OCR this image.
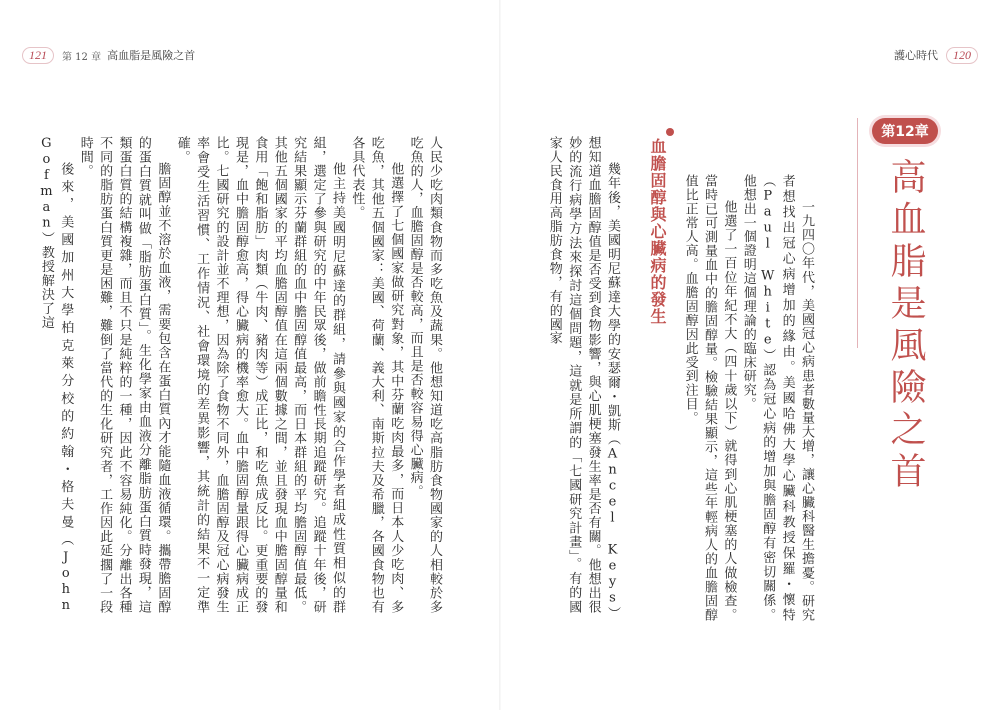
121	第 12 章 高血脂是風險之首	護心時代	120
第12章
高血脂是風險之首

一九四〇年代，美國冠心病患者數量大增，讓心臟科醫生擔憂。研究者想找出冠心病增加的緣由。美國哈佛大學心臟科教授保羅・懷特（Paul White）認為冠心病的增加與膽固醇有密切關係。他想出一個證明這個理論的臨床研究。

他選了一百位年紀不大（四十歲以下）就得到心肌梗塞的人做檢查。當時已可測量血中的膽固醇量。檢驗結果顯示，這些年輕病人的血膽固醇值比正常人高。血膽固醇因此受到注目。

血膽固醇與心臟病的發生

幾年後，美國明尼蘇達大學的安瑟爾・凱斯（Ancel Keys）想知道血膽固醇值是否受到食物影響，與心肌梗塞發生率是否有關。他想出很妙的流行病學方法來探討這個問題，這就是所謂的「七國研究計畫」。有的國家人民食用高脂肪食物，有的國家

人民少吃肉類食物而多吃魚及蔬果。他想知道吃高脂肪食物國家的人相較於多吃魚的人，血膽固醇是否較高，而且是否較容易得心臟病。

他選擇了七個國家做研究對象，其中芬蘭吃肉最多，而日本人少吃肉、多吃魚，其他五個國家：美國、荷蘭、義大利、南斯拉夫及希臘，各國食物也有各具代表性。

他主持美國明尼蘇達的群組，請參與國家的合作學者組成性質相似的群組，選定了參與研究的中年民眾後，做前瞻性長期追蹤研究。追蹤十年後，研究結果顯示芬蘭群組的血中膽固醇值最高，而日本群組的平均膽固醇值最低。其他五個國家的平均血膽固醇值在這兩個數據之間，並且發現血中膽固醇量和食用「飽和脂肪」肉類（牛肉、豬肉等）成正比，和吃魚成反比。更重要的發現是，血中膽固醇愈高，得心臟病的機率愈大。血中膽固醇量跟得心臟病成正比。七國研究的設計並不理想，因為除了食物不同外，血膽固醇及冠心病發生率會受生活習慣、工作情況、社會環境的差異影響，其統計的結果不一定準確。

膽固醇並不溶於血液，需要包含在蛋白質內才能隨血液循環。攜帶膽固醇的蛋白質就叫做「脂肪蛋白質」。生化學家由血液分離脂肪蛋白質時發現，這類蛋白質的結構複雜，而且不只是純粹的一種，因此不容易純化。分離出各種不同的脂肪蛋白質更是困難，難倒了當代的生化研究者，工作因此延擱了一段時間。

後來，美國加州大學柏克萊分校的約翰・格夫曼（John Gofman）教授解決了這
